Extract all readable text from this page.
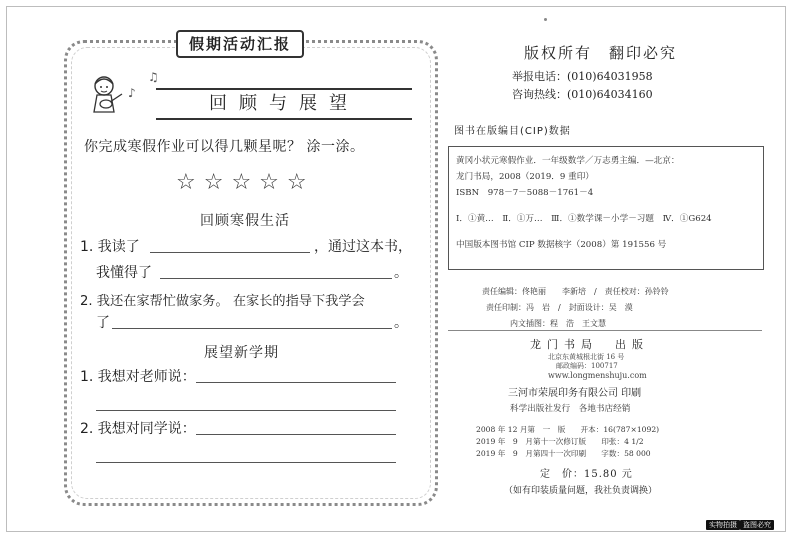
假期活动汇报
♪
♫
回顾与展望
你完成寒假作业可以得几颗星呢？ 涂一涂。
☆☆☆☆☆
回顾寒假生活
1. 我读了	，通过这本书，
我懂得了	。
2. 我还在家帮忙做家务。 在家长的指导下我学会
了	。
展望新学期
1. 我想对老师说：
2. 我想对同学说：
版权所有　翻印必究
举报电话：(010)64031958
咨询热线：(010)64034160
图书在版编目(CIP)数据
黄冈小状元寒假作业．一年级数学／万志勇主编．—北京：
龙门书局，2008（2019．9 重印）
ISBN　978－7－5088－1761－4
Ⅰ．①黄…　Ⅱ．①万…　Ⅲ．①数学课－小学－习题　Ⅳ．①G624
中国版本图书馆 CIP 数据核字（2008）第 191556 号
责任编辑：佟艳丽　　李新培　/　责任校对：孙铃铃
责任印制：冯　岩　/　封面设计：吴　漠
内文插图：程　浩　王文慧
龙门书局　出版
北京东黄城根北街 16 号
邮政编码：100717
www.longmenshuju.com
三河市荣展印务有限公司 印刷
科学出版社发行　各地书店经销
2008 年 12 月第　一　版　　开本：16(787×1092)
2019 年　9　月第十一次修订版　　印张：4 1/2
2019 年　9　月第四十一次印刷　　字数：58 000
定　价：15.80 元
（如有印装质量问题，我社负责调换）
实物拍摄 盗图必究
